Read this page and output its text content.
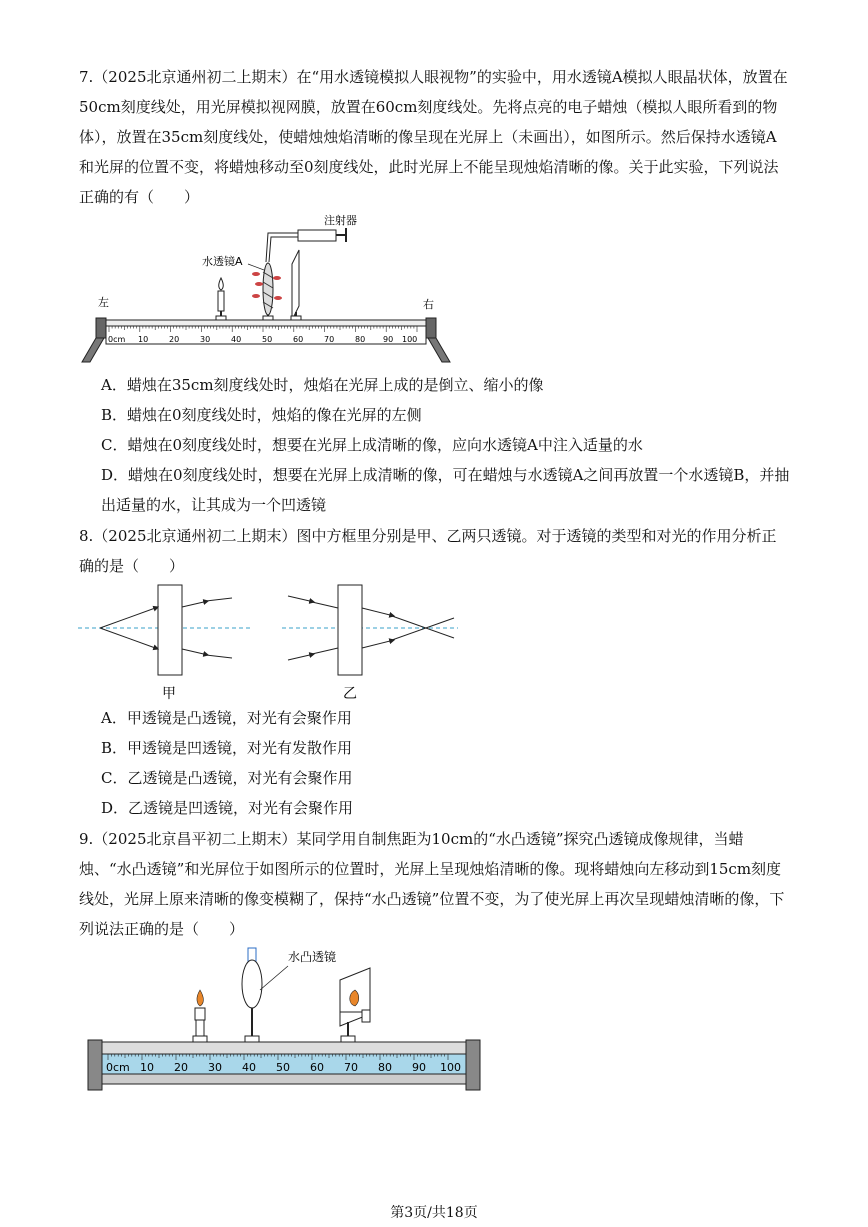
7.（2025北京通州初二上期末）在“用水透镜模拟人眼视物”的实验中，用水透镜A模拟人眼晶状体，放置在50cm刻度线处，用光屏模拟视网膜，放置在60cm刻度线处。先将点亮的电子蜡烛（模拟人眼所看到的物体），放置在35cm刻度线处，使蜡烛烛焰清晰的像呈现在光屏上（未画出），如图所示。然后保持水透镜A和光屏的位置不变，将蜡烛移动至0刻度线处，此时光屏上不能呈现烛焰清晰的像。关于此实验，下列说法正确的有（　　）

注射器
水透镜A
左	右
0cm 10	20	30	40	50	60	70	80 90 100

A．蜡烛在35cm刻度线处时，烛焰在光屏上成的是倒立、缩小的像

B．蜡烛在0刻度线处时，烛焰的像在光屏的左侧

C．蜡烛在0刻度线处时，想要在光屏上成清晰的像，应向水透镜A中注入适量的水

D．蜡烛在0刻度线处时，想要在光屏上成清晰的像，可在蜡烛与水透镜A之间再放置一个水透镜B，并抽出适量的水，让其成为一个凹透镜

8.（2025北京通州初二上期末）图中方框里分别是甲、乙两只透镜。对于透镜的类型和对光的作用分析正确的是（　　）

甲	乙

A．甲透镜是凸透镜，对光有会聚作用

B．甲透镜是凹透镜，对光有发散作用

C．乙透镜是凸透镜，对光有会聚作用

D．乙透镜是凹透镜，对光有会聚作用

9.（2025北京昌平初二上期末）某同学用自制焦距为10cm的“水凸透镜”探究凸透镜成像规律，当蜡烛、“水凸透镜”和光屏位于如图所示的位置时，光屏上呈现烛焰清晰的像。现将蜡烛向左移动到15cm刻度线处，光屏上原来清晰的像变模糊了，保持“水凸透镜”位置不变，为了使光屏上再次呈现蜡烛清晰的像，下列说法正确的是（　　）

水凸透镜
0cm 10 20 30 40 50 60 70 80 90 100
第3页/共18页
